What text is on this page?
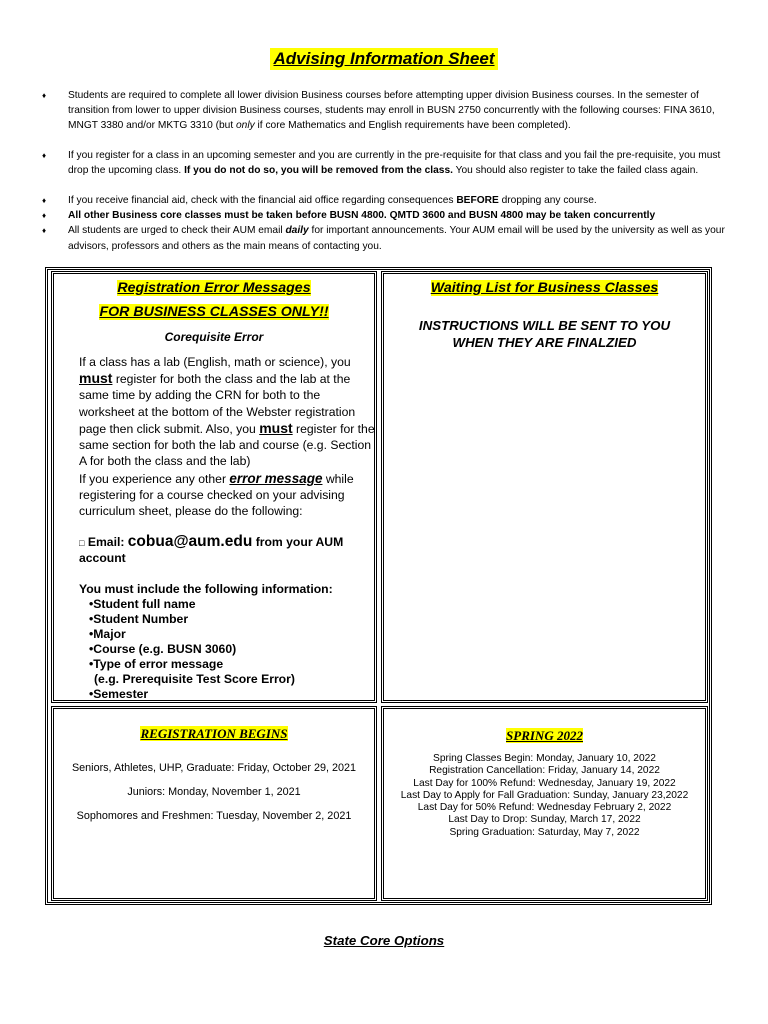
Advising Information Sheet
♦ Students are required to complete all lower division Business courses before attempting upper division Business courses. In the semester of transition from lower to upper division Business courses, students may enroll in BUSN 2750 concurrently with the following courses: FINA 3610, MNGT 3380 and/or MKTG 3310 (but only if core Mathematics and English requirements have been completed).
♦ If you register for a class in an upcoming semester and you are currently in the pre-requisite for that class and you fail the pre-requisite, you must drop the upcoming class. If you do not do so, you will be removed from the class. You should also register to take the failed class again.
♦ If you receive financial aid, check with the financial aid office regarding consequences BEFORE dropping any course.
♦ All other Business core classes must be taken before BUSN 4800. QMTD 3600 and BUSN 4800 may be taken concurrently
♦ All students are urged to check their AUM email daily for important announcements. Your AUM email will be used by the university as well as your advisors, professors and others as the main means of contacting you.
Registration Error Messages
FOR BUSINESS CLASSES ONLY!!
Corequisite Error
If a class has a lab (English, math or science), you must register for both the class and the lab at the same time by adding the CRN for both to the worksheet at the bottom of the Webster registration page then click submit. Also, you must register for the same section for both the lab and course (e.g. Section A for both the class and the lab)
If you experience any other error message while registering for a course checked on your advising curriculum sheet, please do the following:
□ Email: cobua@aum.edu from your AUM account
You must include the following information:
•Student full name
•Student Number
•Major
•Course (e.g. BUSN 3060)
•Type of error message
(e.g. Prerequisite Test Score Error)
•Semester
Waiting List for Business Classes
INSTRUCTIONS WILL BE SENT TO YOU WHEN THEY ARE FINALZIED
REGISTRATION BEGINS
Seniors, Athletes, UHP, Graduate: Friday, October 29, 2021
Juniors: Monday, November 1, 2021
Sophomores and Freshmen: Tuesday, November 2, 2021
SPRING 2022
Spring Classes Begin: Monday, January 10, 2022
Registration Cancellation: Friday, January 14, 2022
Last Day for 100% Refund: Wednesday, January 19, 2022
Last Day to Apply for Fall Graduation: Sunday, January 23,2022
Last Day for 50% Refund: Wednesday February 2, 2022
Last Day to Drop: Sunday, March 17, 2022
Spring Graduation: Saturday, May 7, 2022
State Core Options
